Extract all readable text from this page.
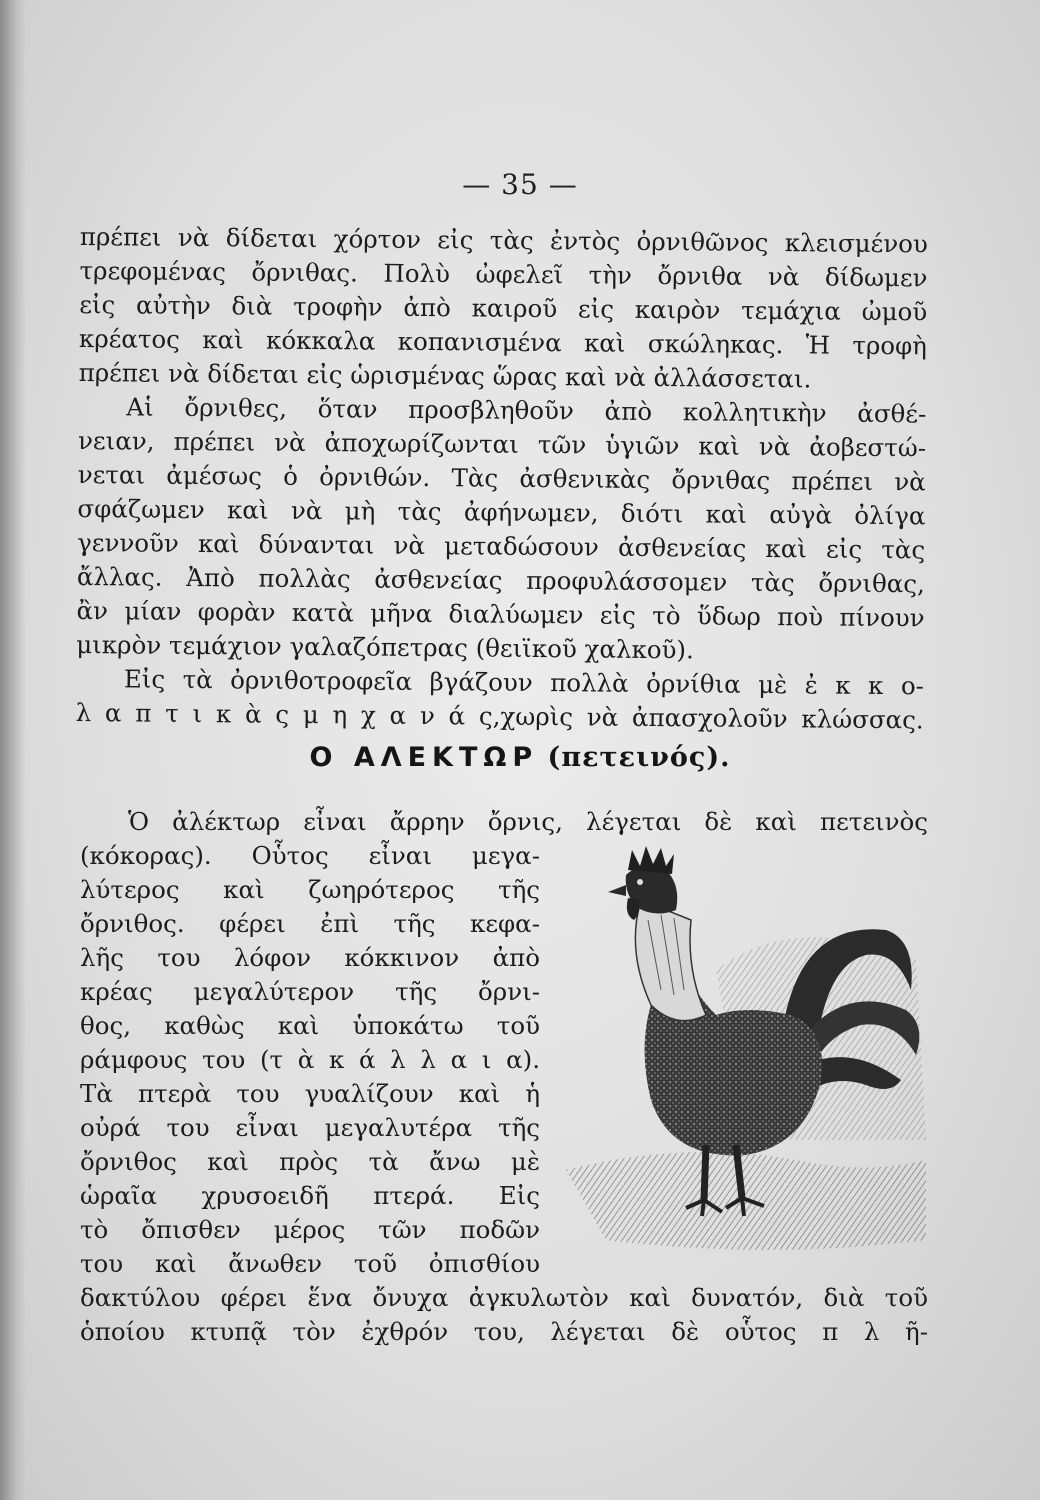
— 35 —
πρέπει νὰ δίδεται χόρτον εἰς τὰς ἐντὸς ὀρνιθῶνος κλεισμένου
τρεφομένας ὄρνιθας. Πολὺ ὠφελεῖ τὴν ὄρνιθα νὰ δίδωμεν
εἰς αὐτὴν διὰ τροφὴν ἀπὸ καιροῦ εἰς καιρὸν τεμάχια ὠμοῦ
κρέατος καὶ κόκκαλα κοπανισμένα καὶ σκώληκας. Ἡ τροφὴ
πρέπει νὰ δίδεται εἰς ὡρισμένας ὥρας καὶ νὰ ἀλλάσσεται.
Αἱ ὄρνιθες, ὅταν προσβληθοῦν ἀπὸ κολλητικὴν ἀσθέ-
νειαν, πρέπει νὰ ἀποχωρίζωνται τῶν ὑγιῶν καὶ νὰ ἀοβεστώ-
νεται ἀμέσως ὁ ὀρνιθών. Τὰς ἀσθενικὰς ὄρνιθας πρέπει νὰ
σφάζωμεν καὶ νὰ μὴ τὰς ἀφήνωμεν, διότι καὶ αὐγὰ ὀλίγα
γεννοῦν καὶ δύνανται νὰ μεταδώσουν ἀσθενείας καὶ εἰς τὰς
ἄλλας. Ἀπὸ πολλὰς ἀσθενείας προφυλάσσομεν τὰς ὄρνιθας,
ἂν μίαν φορὰν κατὰ μῆνα διαλύωμεν εἰς τὸ ὕδωρ ποὺ πίνουν
μικρὸν τεμάχιον γαλαζόπετρας (θειϊκοῦ χαλκοῦ).
Εἰς τὰ ὀρνιθοτροφεῖα βγάζουν πολλὰ ὀρνίθια μὲ ἐ κ κ ο-
λ α π τ ι κ ὰ ς μ η χ α ν ά ς,χωρὶς νὰ ἀπασχολοῦν κλώσσας.
Ο ΑΛΕΚΤΩΡ (πετεινός).
Ὁ ἀλέκτωρ εἶναι ἄρρην ὄρνις, λέγεται δὲ καὶ πετεινὸς
(κόκορας). Οὗτος εἶναι μεγα-
λύτερος καὶ ζωηρότερος τῆς
ὄρνιθος. φέρει ἐπὶ τῆς κεφα-
λῆς του λόφον κόκκινον ἀπὸ
κρέας μεγαλύτερον τῆς ὄρνι-
θος, καθὼς καὶ ὑποκάτω τοῦ
ράμφους του (τ ὰ κ ά λ λ α ι α).
Τὰ πτερὰ του γυαλίζουν καὶ ἡ
οὐρά του εἶναι μεγαλυτέρα τῆς
ὄρνιθος καὶ πρὸς τὰ ἄνω μὲ
ὡραῖα χρυσοειδῆ πτερά. Εἰς
τὸ ὄπισθεν μέρος τῶν ποδῶν
του καὶ ἄνωθεν τοῦ ὀπισθίου
δακτύλου φέρει ἕνα ὄνυχα ἀγκυλωτὸν καὶ δυνατόν, διὰ τοῦ
ὁποίου κτυπᾷ τὸν ἐχθρόν του, λέγεται δὲ οὗτος π λ ῆ-
